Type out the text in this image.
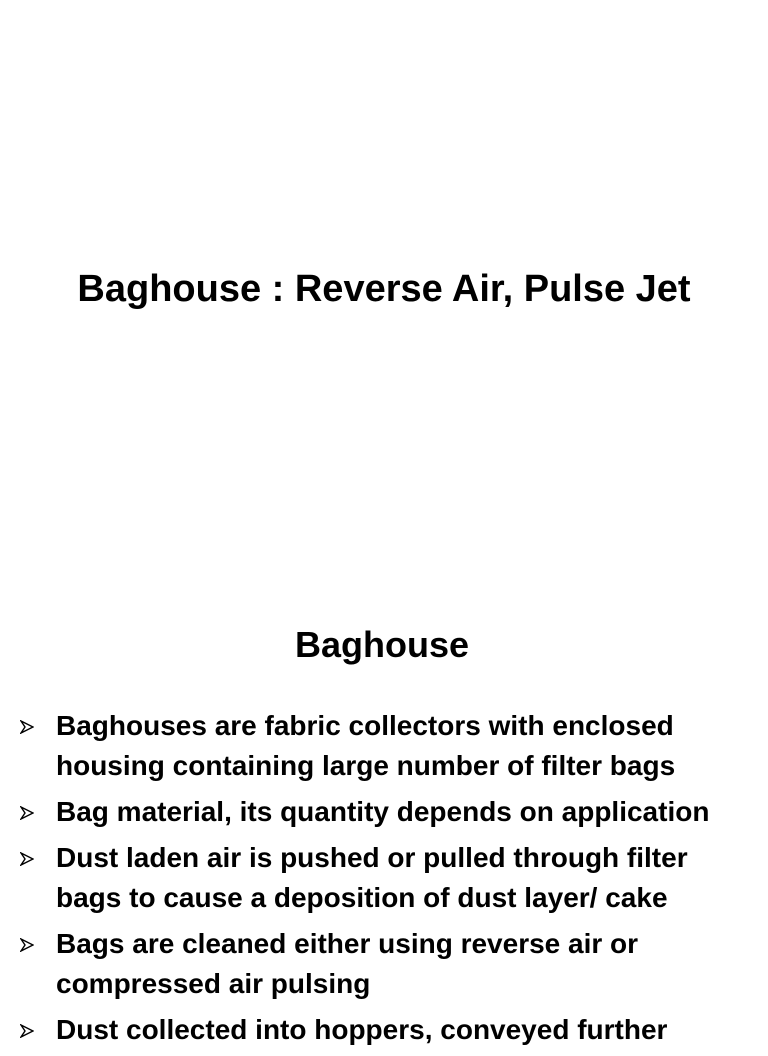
Baghouse : Reverse Air, Pulse Jet
Baghouse
Baghouses are fabric collectors with enclosed
housing containing large number of filter bags
Bag material, its quantity depends on application
Dust laden air is pushed or pulled through filter
bags to cause a deposition of dust layer/ cake
Bags are cleaned either using reverse air or
compressed air pulsing
Dust collected into hoppers, conveyed further
